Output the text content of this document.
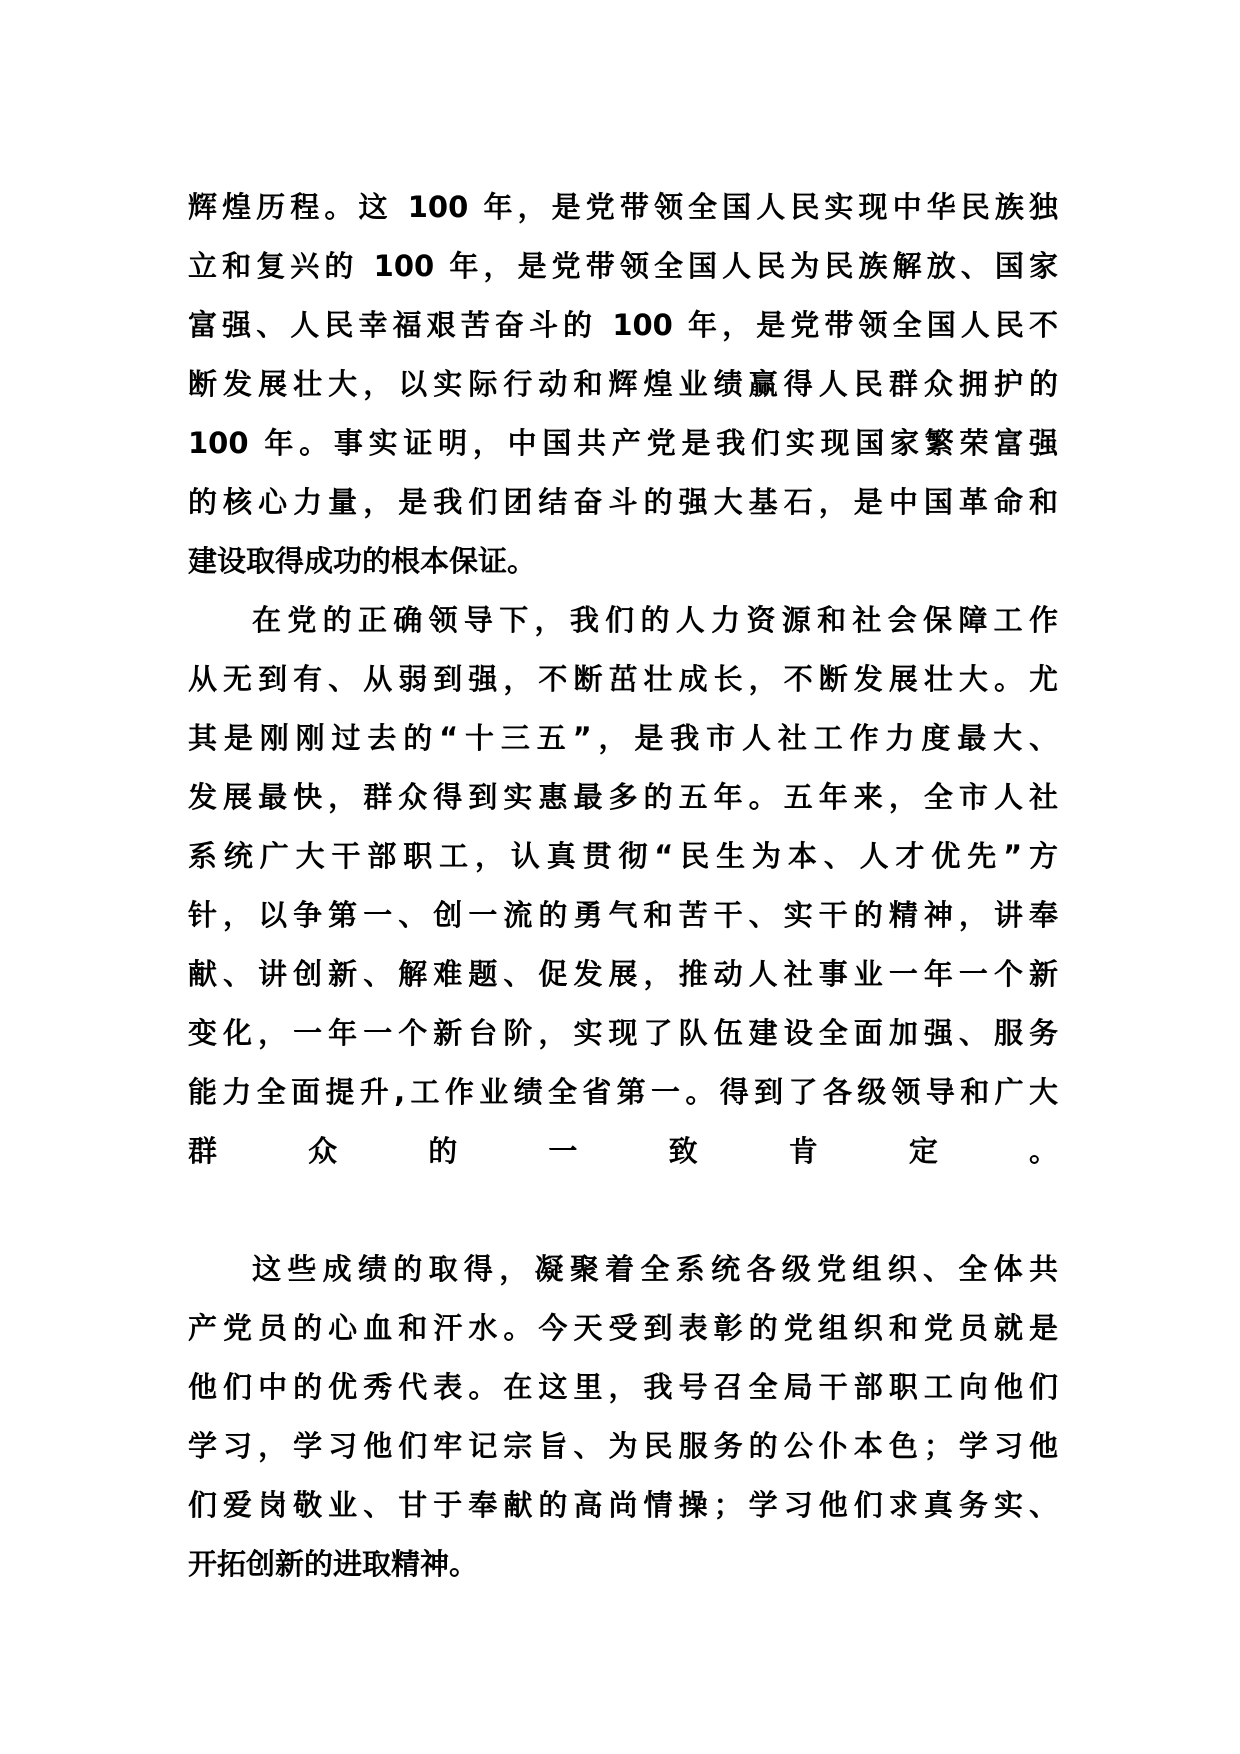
辉煌历程。这 100 年，是党带领全国人民实现中华民族独
立和复兴的 100 年，是党带领全国人民为民族解放、国家
富强、人民幸福艰苦奋斗的 100 年，是党带领全国人民不
断发展壮大，以实际行动和辉煌业绩赢得人民群众拥护的
100 年。事实证明，中国共产党是我们实现国家繁荣富强
的核心力量，是我们团结奋斗的强大基石，是中国革命和
建设取得成功的根本保证。
在党的正确领导下，我们的人力资源和社会保障工作
从无到有、从弱到强，不断茁壮成长，不断发展壮大。尤
其是刚刚过去的“十三五”，是我市人社工作力度最大、
发展最快，群众得到实惠最多的五年。五年来，全市人社
系统广大干部职工，认真贯彻“民生为本、人才优先”方
针，以争第一、创一流的勇气和苦干、实干的精神，讲奉
献、讲创新、解难题、促发展，推动人社事业一年一个新
变化，一年一个新台阶，实现了队伍建设全面加强、服务
能力全面提升,工作业绩全省第一。得到了各级领导和广大
群众的一致肯定。
这些成绩的取得，凝聚着全系统各级党组织、全体共
产党员的心血和汗水。今天受到表彰的党组织和党员就是
他们中的优秀代表。在这里，我号召全局干部职工向他们
学习，学习他们牢记宗旨、为民服务的公仆本色；学习他
们爱岗敬业、甘于奉献的高尚情操；学习他们求真务实、
开拓创新的进取精神。
